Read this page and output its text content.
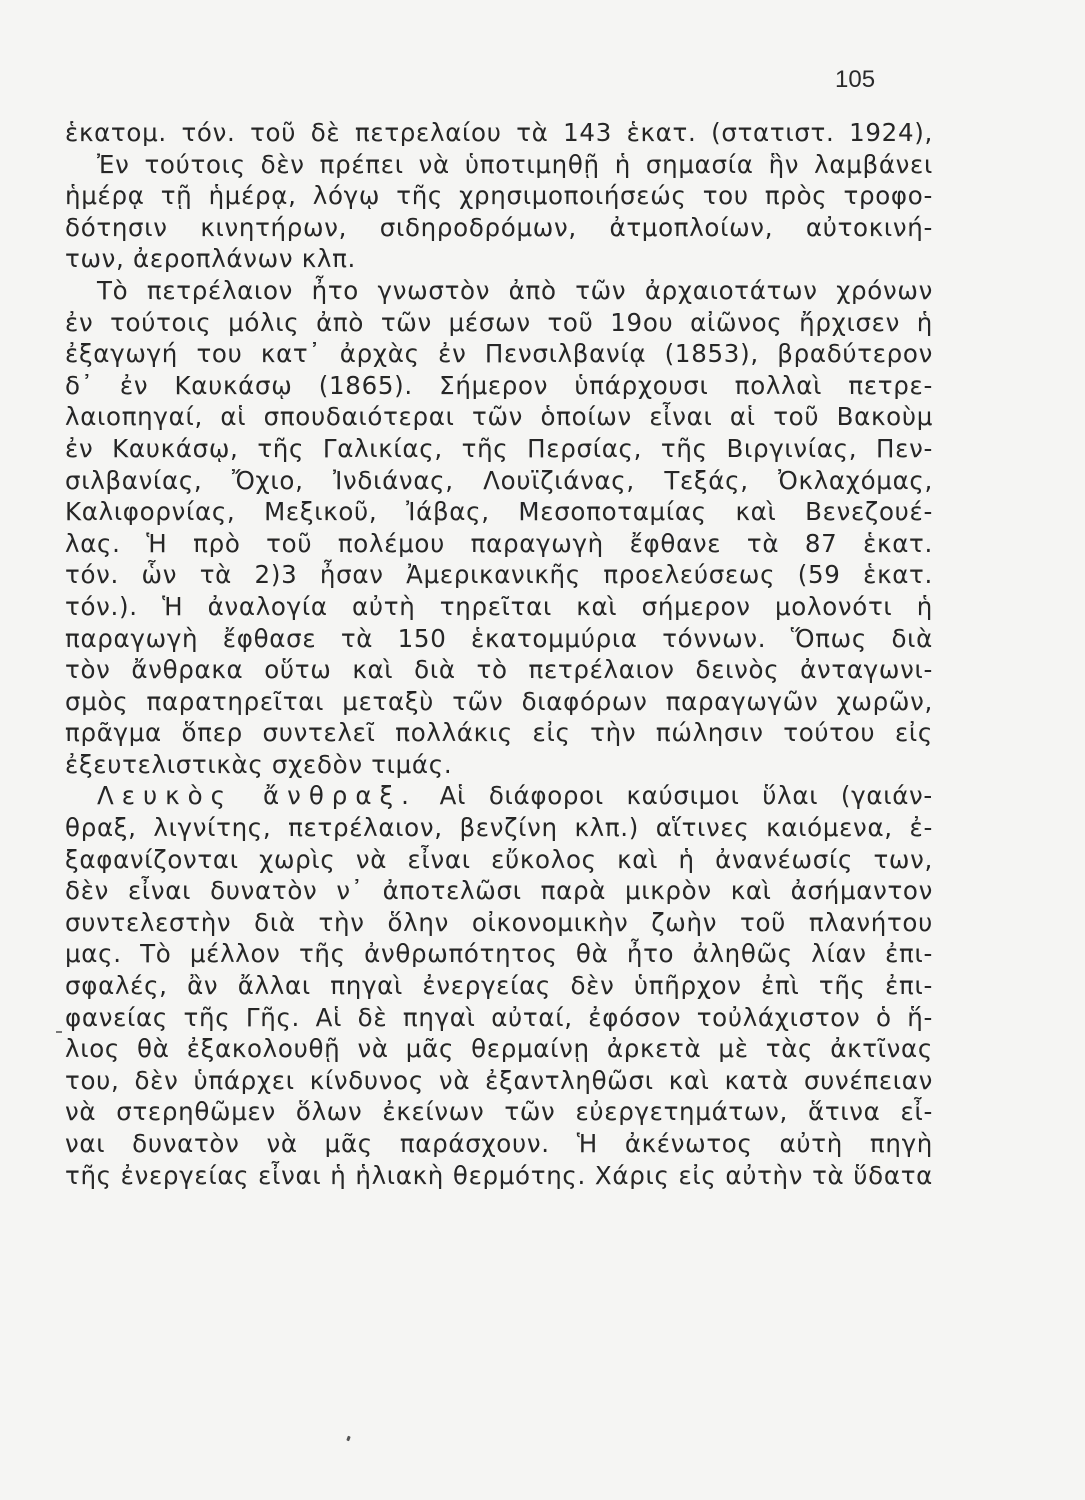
105
ἑκατομ. τόν. τοῦ δὲ πετρελαίου τὰ 143 ἑκατ. (στατιστ. 1924),
Ἐν τούτοις δὲν πρέπει νὰ ὑποτιμηθῇ ἡ σημασία ἣν λαμβάνει
ἡμέρᾳ τῇ ἡμέρᾳ, λόγῳ τῆς χρησιμοποιήσεώς του πρὸς τροφο-
δότησιν κινητήρων, σιδηροδρόμων, ἀτμοπλοίων, αὐτοκινή-
των, ἀεροπλάνων κλπ.
Τὸ πετρέλαιον ἦτο γνωστὸν ἀπὸ τῶν ἀρχαιοτάτων χρόνων
ἐν τούτοις μόλις ἀπὸ τῶν μέσων τοῦ 19ου αἰῶνος ἤρχισεν ἡ
ἐξαγωγή του κατ᾽ ἀρχὰς ἐν Πενσιλβανίᾳ (1853), βραδύτερον
δ᾽ ἐν Καυκάσῳ (1865). Σήμερον ὑπάρχουσι πολλαὶ πετρε-
λαιοπηγαί, αἱ σπουδαιότεραι τῶν ὁποίων εἶναι αἱ τοῦ Βακοὺμ
ἐν Καυκάσῳ, τῆς Γαλικίας, τῆς Περσίας, τῆς Βιργινίας, Πεν-
σιλβανίας, Ὄχιο, Ἰνδιάνας, Λουϊζιάνας, Τεξάς, Ὀκλαχόμας,
Καλιφορνίας, Μεξικοῦ, Ἰάβας, Μεσοποταμίας καὶ Βενεζουέ-
λας. Ἡ πρὸ τοῦ πολέμου παραγωγὴ ἔφθανε τὰ 87 ἑκατ.
τόν. ὧν τὰ 2)3 ἦσαν Ἀμερικανικῆς προελεύσεως (59 ἑκατ.
τόν.). Ἡ ἀναλογία αὐτὴ τηρεῖται καὶ σήμερον μολονότι ἡ
παραγωγὴ ἔφθασε τὰ 150 ἑκατομμύρια τόννων. Ὅπως διὰ
τὸν ἄνθρακα οὕτω καὶ διὰ τὸ πετρέλαιον δεινὸς ἀνταγωνι-
σμὸς παρατηρεῖται μεταξὺ τῶν διαφόρων παραγωγῶν χωρῶν,
πρᾶγμα ὅπερ συντελεῖ πολλάκις εἰς τὴν πώλησιν τούτου εἰς
ἐξευτελιστικὰς σχεδὸν τιμάς.
Λευκὸς ἄνθραξ. Αἱ διάφοροι καύσιμοι ὕλαι (γαιάν-
θραξ, λιγνίτης, πετρέλαιον, βενζίνη κλπ.) αἵτινες καιόμενα, ἐ-
ξαφανίζονται χωρὶς νὰ εἶναι εὔκολος καὶ ἡ ἀνανέωσίς των,
δὲν εἶναι δυνατὸν ν᾽ ἀποτελῶσι παρὰ μικρὸν καὶ ἀσήμαντον
συντελεστὴν διὰ τὴν ὅλην οἰκονομικὴν ζωὴν τοῦ πλανήτου
μας. Τὸ μέλλον τῆς ἀνθρωπότητος θὰ ἦτο ἀληθῶς λίαν ἐπι-
σφαλές, ἂν ἄλλαι πηγαὶ ἐνεργείας δὲν ὑπῆρχον ἐπὶ τῆς ἐπι-
φανείας τῆς Γῆς. Αἱ δὲ πηγαὶ αὐταί, ἐφόσον τοὐλάχιστον ὁ ἥ-
λιος θὰ ἐξακολουθῇ νὰ μᾶς θερμαίνῃ ἀρκετὰ μὲ τὰς ἀκτῖνας
του, δὲν ὑπάρχει κίνδυνος νὰ ἐξαντληθῶσι καὶ κατὰ συνέπειαν
νὰ στερηθῶμεν ὅλων ἐκείνων τῶν εὐεργετημάτων, ἅτινα εἶ-
ναι δυνατὸν νὰ μᾶς παράσχουν. Ἡ ἀκένωτος αὐτὴ πηγὴ
τῆς ἐνεργείας εἶναι ἡ ἡλιακὴ θερμότης. Χάρις εἰς αὐτὴν τὰ ὕδατα
